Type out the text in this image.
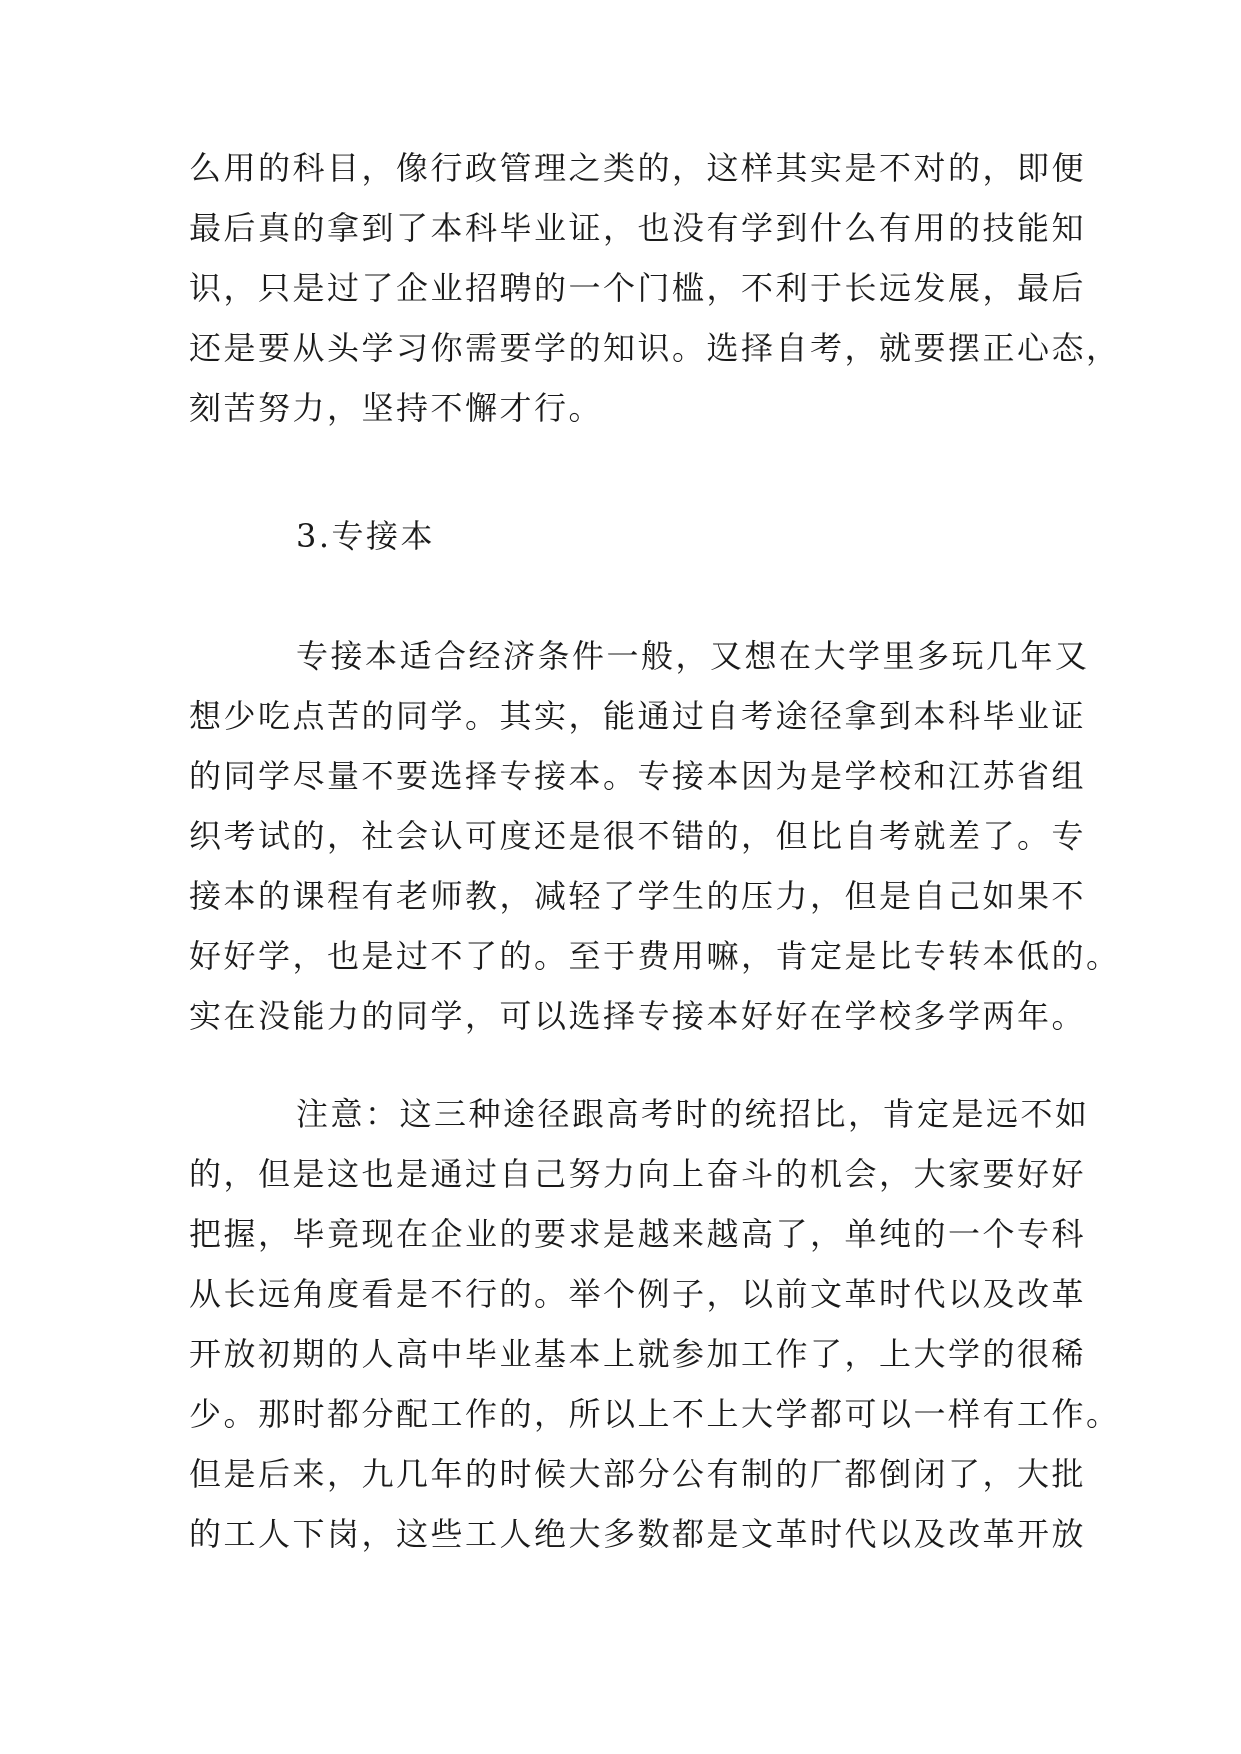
么用的科目，像行政管理之类的，这样其实是不对的，即便
最后真的拿到了本科毕业证，也没有学到什么有用的技能知
识，只是过了企业招聘的一个门槛，不利于长远发展，最后
还是要从头学习你需要学的知识。选择自考，就要摆正心态，
刻苦努力，坚持不懈才行。
3.专接本
专接本适合经济条件一般，又想在大学里多玩几年又
想少吃点苦的同学。其实，能通过自考途径拿到本科毕业证
的同学尽量不要选择专接本。专接本因为是学校和江苏省组
织考试的，社会认可度还是很不错的，但比自考就差了。专
接本的课程有老师教，减轻了学生的压力，但是自己如果不
好好学，也是过不了的。至于费用嘛，肯定是比专转本低的。
实在没能力的同学，可以选择专接本好好在学校多学两年。
注意：这三种途径跟高考时的统招比，肯定是远不如
的，但是这也是通过自己努力向上奋斗的机会，大家要好好
把握，毕竟现在企业的要求是越来越高了，单纯的一个专科
从长远角度看是不行的。举个例子，以前文革时代以及改革
开放初期的人高中毕业基本上就参加工作了，上大学的很稀
少。那时都分配工作的，所以上不上大学都可以一样有工作。
但是后来，九几年的时候大部分公有制的厂都倒闭了，大批
的工人下岗，这些工人绝大多数都是文革时代以及改革开放
